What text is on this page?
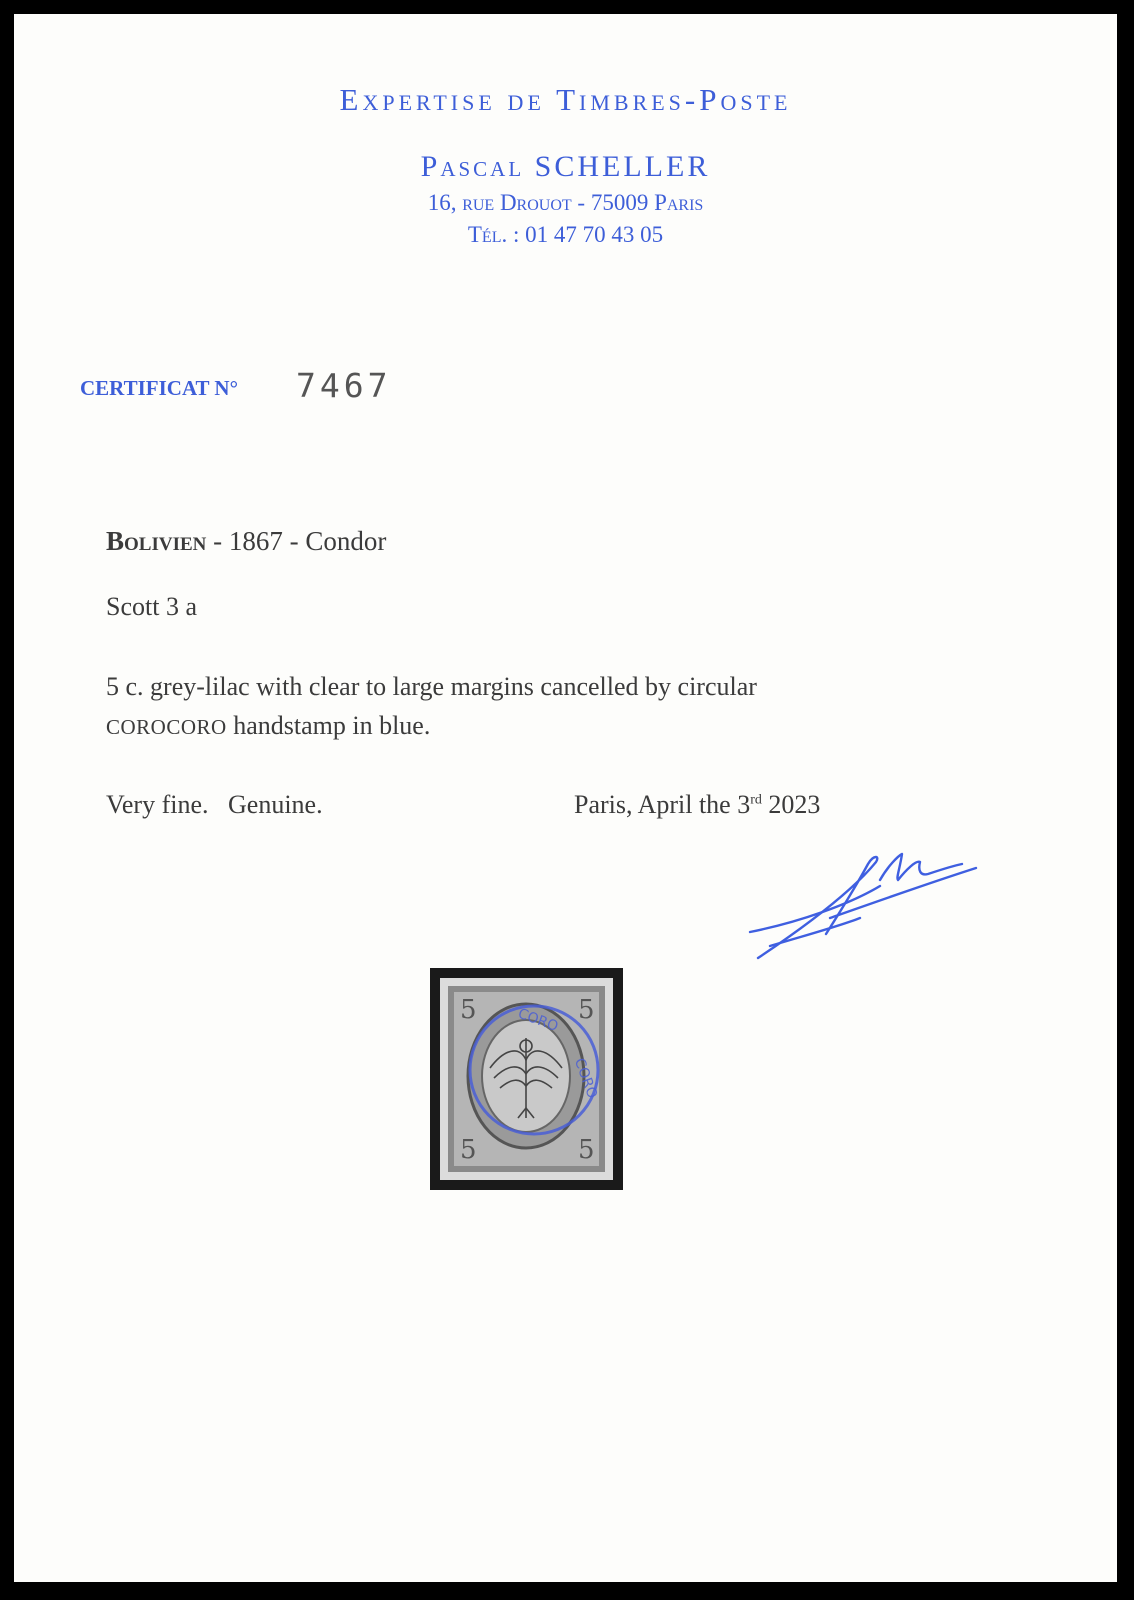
Expertise de Timbres-Poste
Pascal SCHELLER
16, rue Drouot - 75009 Paris
Tél. : 01 47 70 43 05
CERTIFICAT N° 7467
Bolivien - 1867 - Condor
Scott 3 a
5 c. grey-lilac with clear to large margins cancelled by circular
COROCORO handstamp in blue.
Very fine.   Genuine.	Paris, April the 3rd 2023
5	5
5	5
CORO
CORO
